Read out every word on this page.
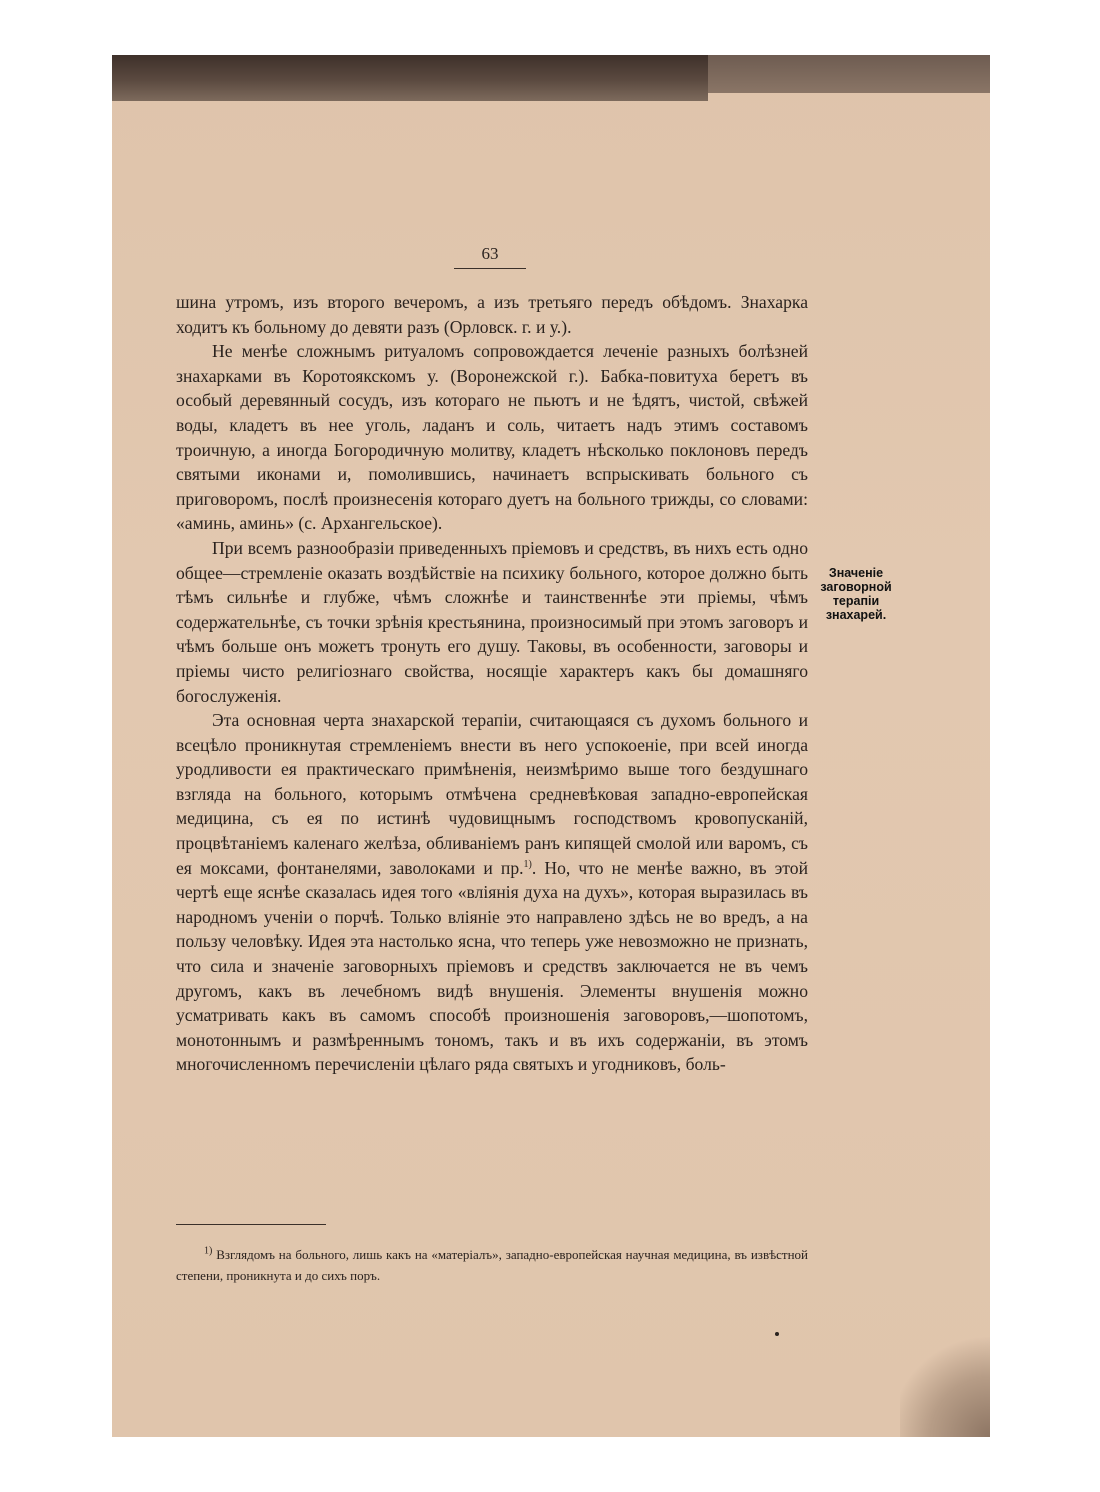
63

шина утромъ, изъ второго вечеромъ, а изъ третьяго передъ обѣдомъ. Знахарка ходитъ къ больному до девяти разъ (Орловск. г. и у.).

Не менѣе сложнымъ ритуаломъ сопровождается леченіе разныхъ болѣзней знахарками въ Коротоякскомъ у. (Воронежской г.). Бабка-повитуха беретъ въ особый деревянный сосудъ, изъ котораго не пьютъ и не ѣдятъ, чистой, свѣжей воды, кладетъ въ нее уголь, ладанъ и соль, читаетъ надъ этимъ составомъ троичную, а иногда Богородичную молитву, кладетъ нѣсколько поклоновъ передъ святыми иконами и, помолившись, начинаетъ вспрыскивать больного съ приговоромъ, послѣ произнесенія котораго дуетъ на больного трижды, со словами: «аминь, аминь» (с. Архангельское).

При всемъ разнообразіи приведенныхъ пріемовъ и средствъ, въ нихъ есть одно общее—стремленіе оказать воздѣйствіе на психику больного, которое должно быть тѣмъ сильнѣе и глубже, чѣмъ сложнѣе и таинственнѣе эти пріемы, чѣмъ содержательнѣе, съ точки зрѣнія крестьянина, произносимый при этомъ заговоръ и чѣмъ больше онъ можетъ тронуть его душу. Таковы, въ особенности, заговоры и пріемы чисто религіознаго свойства, носящіе характеръ какъ бы домашняго богослуженія.

Эта основная черта знахарской терапіи, считающаяся съ духомъ больного и всецѣло проникнутая стремленіемъ внести въ него успокоеніе, при всей иногда уродливости ея практическаго примѣненія, неизмѣримо выше того бездушнаго взгляда на больного, которымъ отмѣчена средневѣковая западно-европейская медицина, съ ея по истинѣ чудовищнымъ господствомъ кровопусканій, процвѣтаніемъ каленаго желѣза, обливаніемъ ранъ кипящей смолой или варомъ, съ ея моксами, фонтанелями, заволоками и пр.$^{1)}$. Но, что не менѣе важно, въ этой чертѣ еще яснѣе сказалась идея того «вліянія духа на духъ», которая выразилась въ народномъ ученіи о порчѣ. Только вліяніе это направлено здѣсь не во вредъ, а на пользу человѣку. Идея эта настолько ясна, что теперь уже невозможно не признать, что сила и значеніе заговорныхъ пріемовъ и средствъ заключается не въ чемъ другомъ, какъ въ лечебномъ видѣ внушенія. Элементы внушенія можно усматривать какъ въ самомъ способѣ произношенія заговоровъ,—шопотомъ, монотоннымъ и размѣреннымъ тономъ, такъ и въ ихъ содержаніи, въ этомъ многочисленномъ перечисленіи цѣлаго ряда святыхъ и угодниковъ, боль-

Значеніе
заговорной
терапіи
знахарей.
$^{1)}$ Взглядомъ на больного, лишь какъ на «матеріалъ», западно-европейская научная медицина, въ извѣстной степени, проникнута и до сихъ поръ.
